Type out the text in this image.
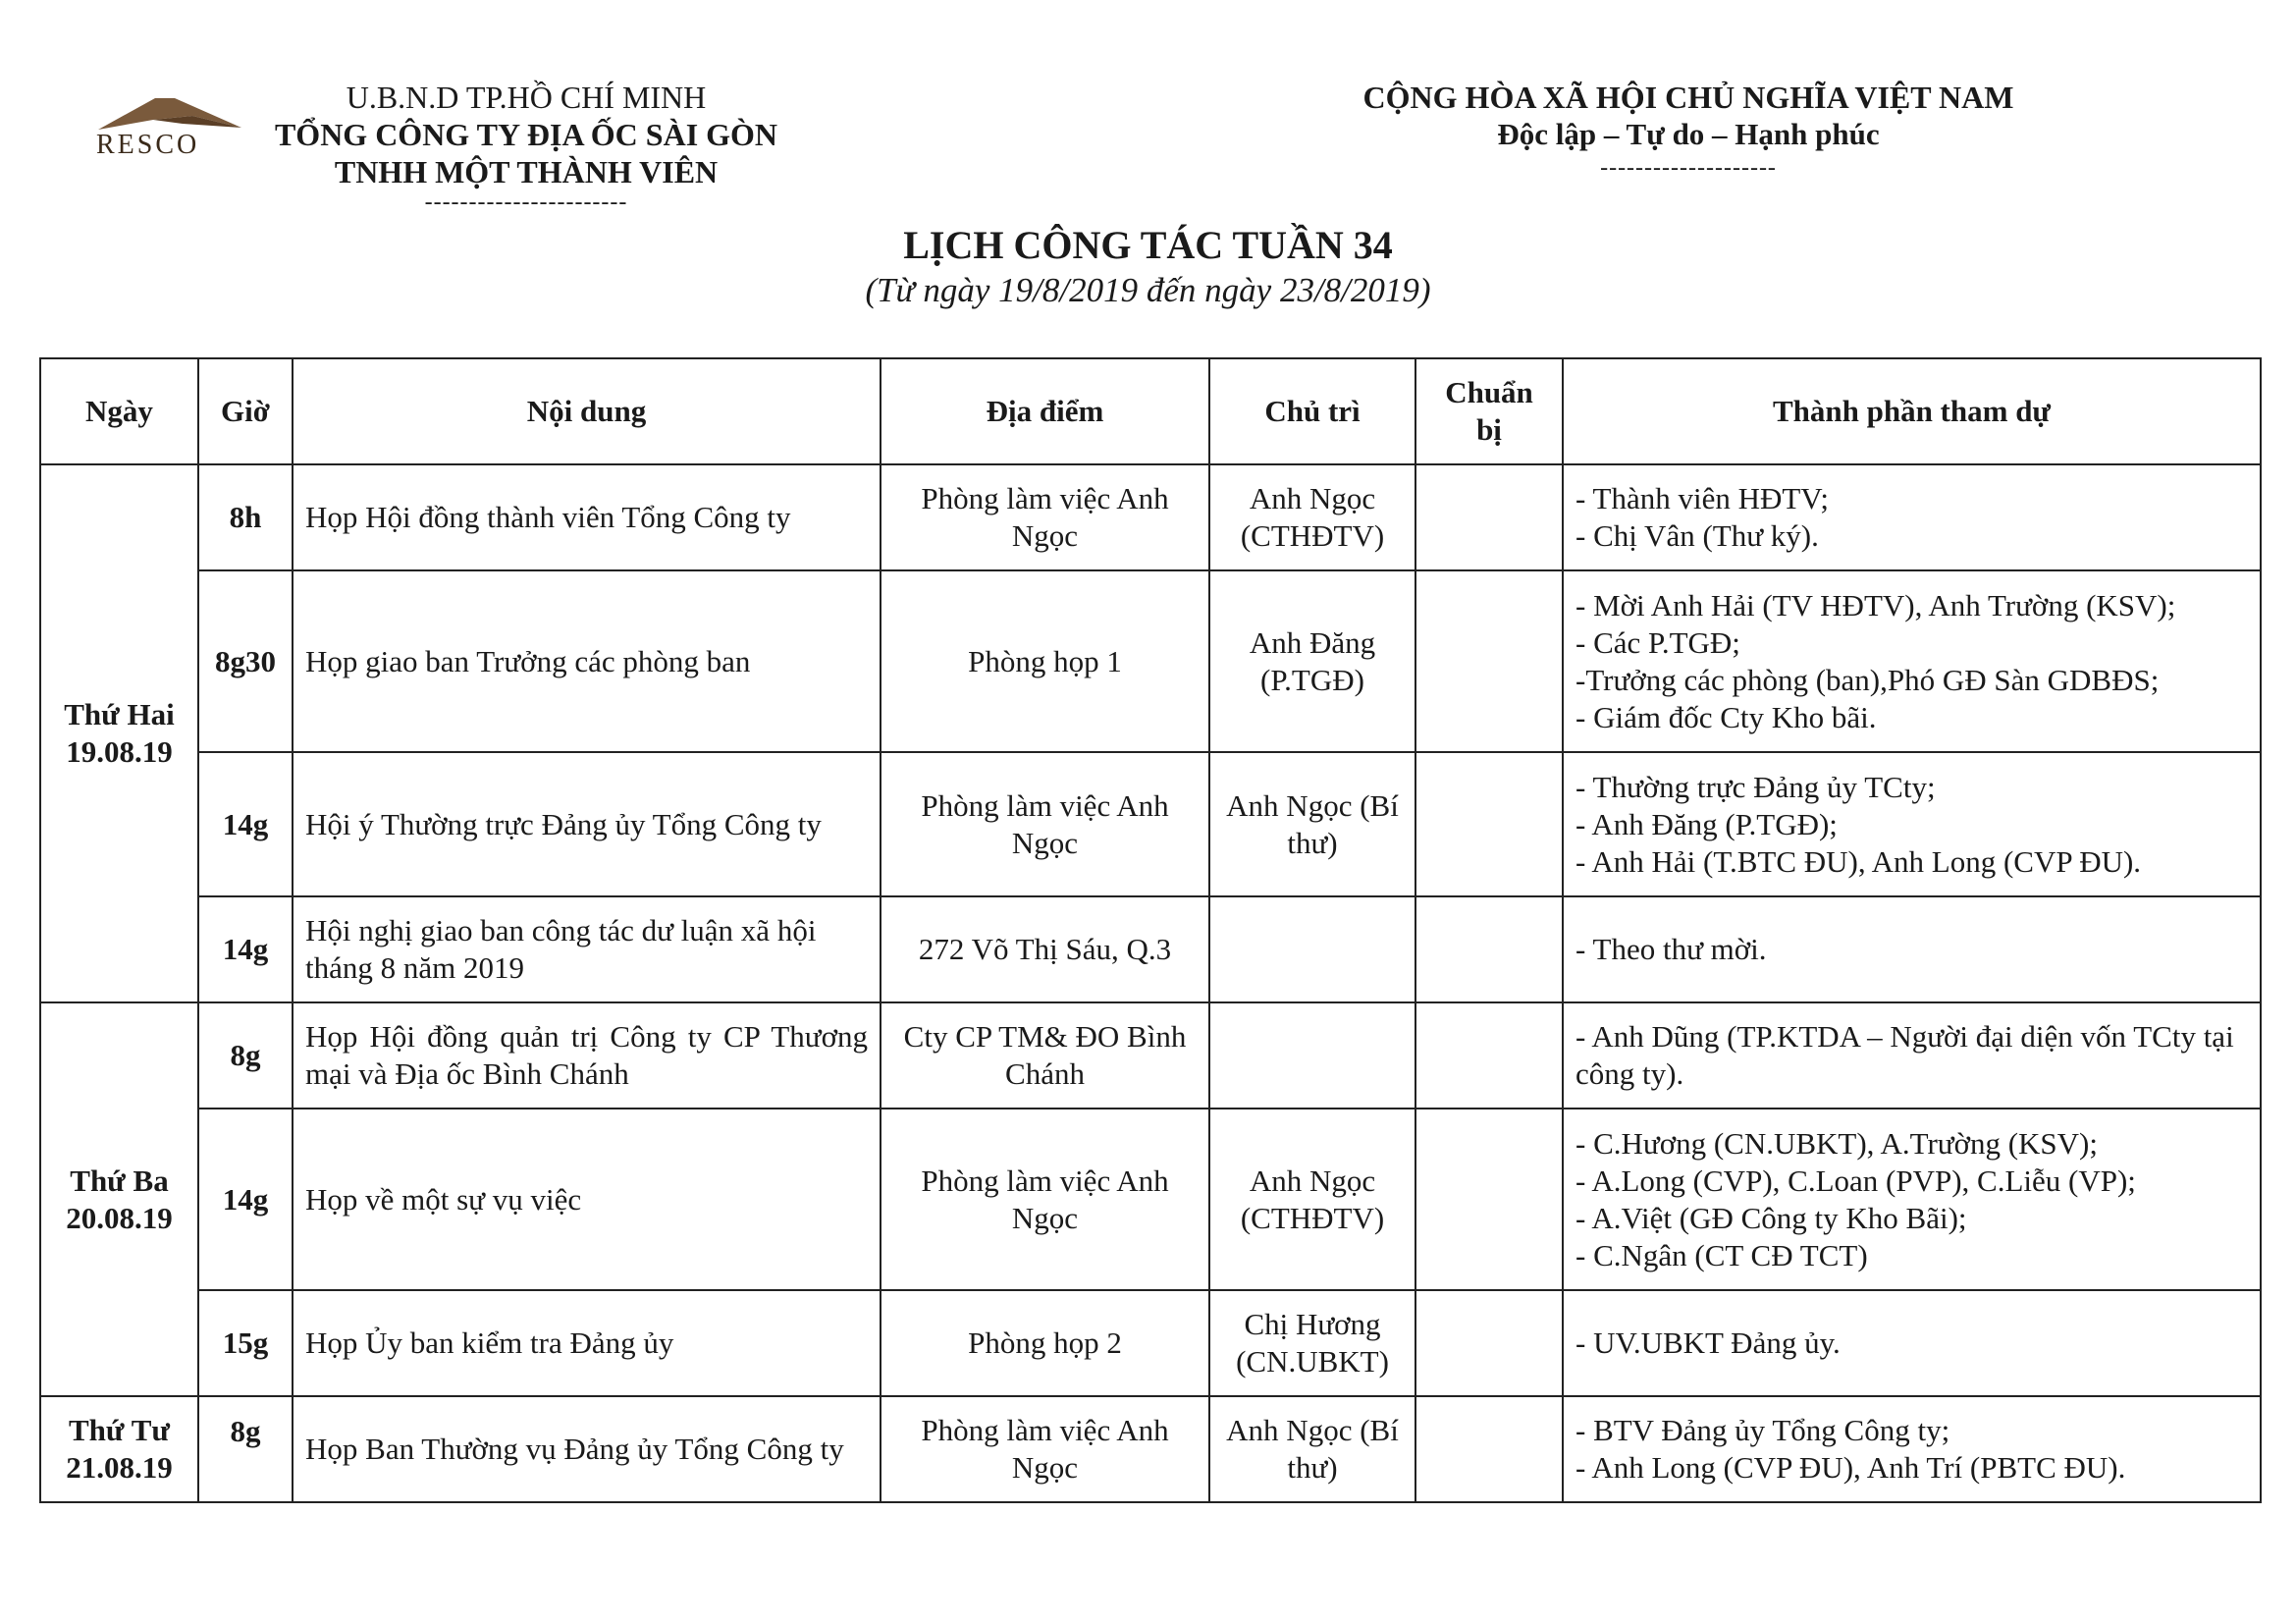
RESCO
U.B.N.D TP.HỒ CHÍ MINH
TỔNG CÔNG TY ĐỊA ỐC SÀI GÒN
TNHH MỘT THÀNH VIÊN
-----------------------
CỘNG HÒA XÃ HỘI CHỦ NGHĨA VIỆT NAM
Độc lập – Tự do – Hạnh phúc
--------------------
LỊCH CÔNG TÁC TUẦN 34
(Từ ngày 19/8/2019 đến ngày 23/8/2019)
Ngày	Giờ	Nội dung	Địa điểm	Chủ trì	Chuẩn bị	Thành phần tham dự

Thứ Hai
19.08.19	8h	Họp Hội đồng thành viên Tổng Công ty	Phòng làm việc Anh Ngọc	Anh Ngọc (CTHĐTV)		- Thành viên HĐTV;
- Chị Vân (Thư ký).

	8g30	Họp giao ban Trưởng các phòng ban	Phòng họp 1	Anh Đăng (P.TGĐ)		- Mời Anh Hải (TV HĐTV), Anh Trường (KSV);
- Các P.TGĐ;
-Trưởng các phòng (ban),Phó GĐ Sàn GDBĐS;
- Giám đốc Cty Kho bãi.

	14g	Hội ý Thường trực Đảng ủy Tổng Công ty	Phòng làm việc Anh Ngọc	Anh Ngọc (Bí thư)		- Thường trực Đảng ủy TCty;
- Anh Đăng (P.TGĐ);
- Anh Hải (T.BTC ĐU), Anh Long (CVP ĐU).

	14g	Hội nghị giao ban công tác dư luận xã hội tháng 8 năm 2019	272 Võ Thị Sáu, Q.3			- Theo thư mời.

Thứ Ba
20.08.19	8g	Họp Hội đồng quản trị Công ty CP Thương mại và Địa ốc Bình Chánh	Cty CP TM& ĐO Bình Chánh			- Anh Dũng (TP.KTDA – Người đại diện vốn TCty tại công ty).

	14g	Họp về một sự vụ việc	Phòng làm việc Anh Ngọc	Anh Ngọc (CTHĐTV)		- C.Hương (CN.UBKT), A.Trường (KSV);
- A.Long (CVP), C.Loan (PVP), C.Liễu (VP);
- A.Việt (GĐ Công ty Kho Bãi);
- C.Ngân (CT CĐ TCT)

	15g	Họp Ủy ban kiểm tra Đảng ủy	Phòng họp 2	Chị Hương (CN.UBKT)		- UV.UBKT Đảng ủy.

Thứ Tư
21.08.19	8g	Họp Ban Thường vụ Đảng ủy Tổng Công ty	Phòng làm việc Anh Ngọc	Anh Ngọc (Bí thư)		- BTV Đảng ủy Tổng Công ty;
- Anh Long (CVP ĐU), Anh Trí (PBTC ĐU).
